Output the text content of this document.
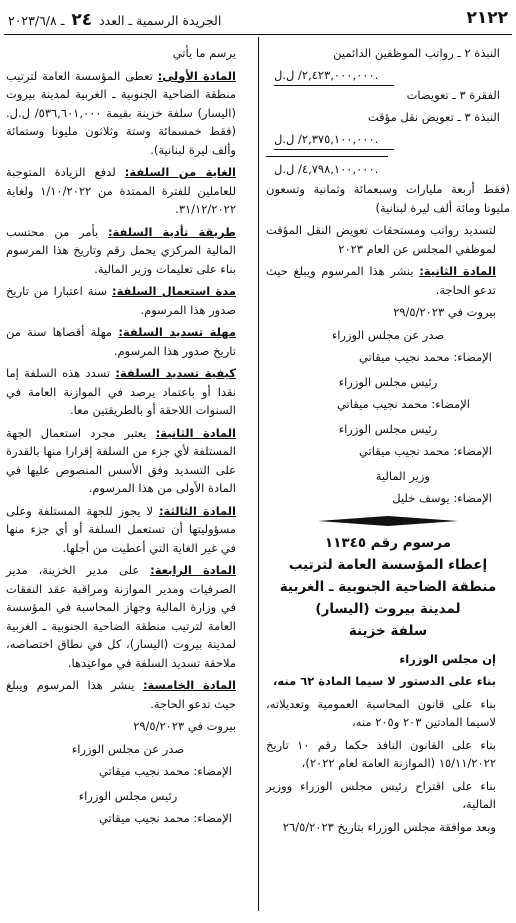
٢١٢٢
الجريدة الرسمية ـ العدد ٢٤ ـ ٢٠٢٣/٦/٨
النبذة ٢ ـ رواتب الموظفين الدائمين
٢,٤٢٣,٠٠٠,٠٠٠/ ل.ل.
الفقرة ٣ ـ تعويضات
النبذة ٣ ـ تعويض نقل مؤقت
٢,٣٧٥,١٠٠,٠٠٠/ ل.ل.
٤,٧٩٨,١٠٠,٠٠٠/ ل.ل.

(فقط أربعة مليارات وسبعمائة وثمانية وتسعون مليونا ومائة ألف ليرة لبنانية)

لتسديد رواتب ومستحقات تعويض النقل المؤقت لموظفي المجلس عن العام ٢٠٢٣

المادة الثانية: ينشر هذا المرسوم ويبلغ حيث تدعو الحاجة.

بيروت في ٢٩/٥/٢٠٢٣

صدر عن مجلس الوزراء

الإمضاء: محمد نجيب ميقاتي

رئيس مجلس الوزراء

الإمضاء: محمد نجيب ميقاتي

رئيس مجلس الوزراء

الإمضاء: محمد نجيب ميقاتي

وزير المالية

الإمضاء: يوسف خليل

مرسوم رقم ١١٣٤٥
إعطاء المؤسسة العامة لترتيب
منطقة الضاحية الجنوبية ـ الغربية
لمدينة بيروت (اليسار)
سلفة خزينة

إن مجلس الوزراء

بناء على الدستور لا سيما المادة ٦٢ منه،

بناء على قانون المحاسبة العمومية وتعديلاته، لاسيما المادتين ٢٠٣ و٢٠٥ منه،

بناء على القانون النافذ حكما رقم ١٠ تاريخ ١٥/١١/٢٠٢٢ (الموازنة العامة لعام ٢٠٢٢)،

بناء على اقتراح رئيس مجلس الوزراء ووزير المالية،

وبعد موافقة مجلس الوزراء بتاريخ ٢٦/٥/٢٠٢٣

يرسم ما يأتي

المادة الأولى: تعطى المؤسسة العامة لترتيب منطقة الضاحية الجنوبية ـ الغربية لمدينة بيروت (اليسار) سلفة خزينة بقيمة ٥٣٦,٦٠١,٠٠٠/ ل.ل. (فقط خمسمائة وستة وثلاثون مليونا وستمائة وألف ليرة لبنانية).

الغاية من السلفة: لدفع الزيادة المتوجبة للعاملين للفترة الممتدة من ١/١٠/٢٠٢٢ ولغاية ٣١/١٢/٢٠٢٢.

طريقة تأدية السلفة: بأمر من محتسب المالية المركزي يحمل رقم وتاريخ هذا المرسوم بناء على تعليمات وزير المالية.

مدة استعمال السلفة: سنة اعتبارا من تاريخ صدور هذا المرسوم.

مهلة تسديد السلفة: مهلة أقصاها سنة من تاريخ صدور هذا المرسوم.

كيفية تسديد السلفة: تسدد هذه السلفة إما نقدا أو باعتماد يرصد في الموازنة العامة في السنوات اللاحقة أو بالطريقتين معا.

المادة الثانية: يعتبر مجرد استعمال الجهة المستلفة لأي جزء من السلفة إقرارا منها بالقدرة على التسديد وفق الأسس المنصوص عليها في المادة الأولى من هذا المرسوم.

المادة الثالثة: لا يجوز للجهة المستلفة وعلى مسؤوليتها أن تستعمل السلفة أو أي جزء منها في غير الغاية التي أعطيت من أجلها.

المادة الرابعة: على مدير الخزينة، مدير الصرفيات ومدير الموازنة ومراقبة عقد النفقات في وزارة المالية وجهاز المحاسبة في المؤسسة العامة لترتيب منطقة الضاحية الجنوبية ـ الغربية لمدينة بيروت (اليسار)، كل في نطاق اختصاصه، ملاحقة تسديد السلفة في مواعيدها.

المادة الخامسة: ينشر هذا المرسوم ويبلغ حيث تدعو الحاجة.

بيروت في ٢٩/٥/٢٠٢٣

صدر عن مجلس الوزراء

الإمضاء: محمد نجيب ميقاتي

رئيس مجلس الوزراء

الإمضاء: محمد نجيب ميقاتي
